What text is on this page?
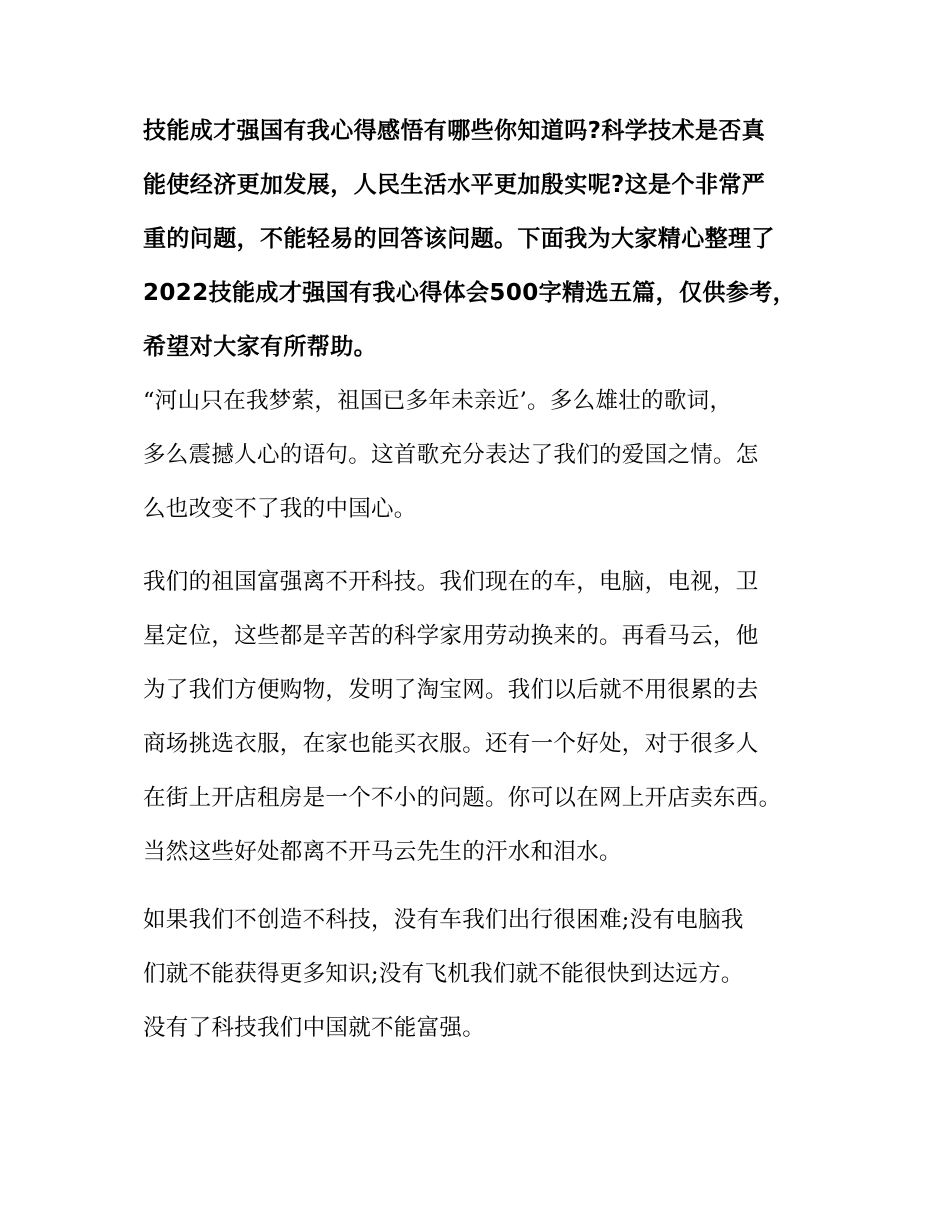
技能成才强国有我心得感悟有哪些你知道吗?科学技术是否真
能使经济更加发展，人民生活水平更加殷实呢?这是个非常严
重的问题，不能轻易的回答该问题。下面我为大家精心整理了
2022技能成才强国有我心得体会500字精选五篇，仅供参考，
希望对大家有所帮助。
“河山只在我梦萦，祖国已多年未亲近’。多么雄壮的歌词，
多么震撼人心的语句。这首歌充分表达了我们的爱国之情。怎
么也改变不了我的中国心。
我们的祖国富强离不开科技。我们现在的车，电脑，电视，卫
星定位，这些都是辛苦的科学家用劳动换来的。再看马云，他
为了我们方便购物，发明了淘宝网。我们以后就不用很累的去
商场挑选衣服，在家也能买衣服。还有一个好处，对于很多人
在街上开店租房是一个不小的问题。你可以在网上开店卖东西。
当然这些好处都离不开马云先生的汗水和泪水。
如果我们不创造不科技，没有车我们出行很困难;没有电脑我
们就不能获得更多知识;没有飞机我们就不能很快到达远方。
没有了科技我们中国就不能富强。
